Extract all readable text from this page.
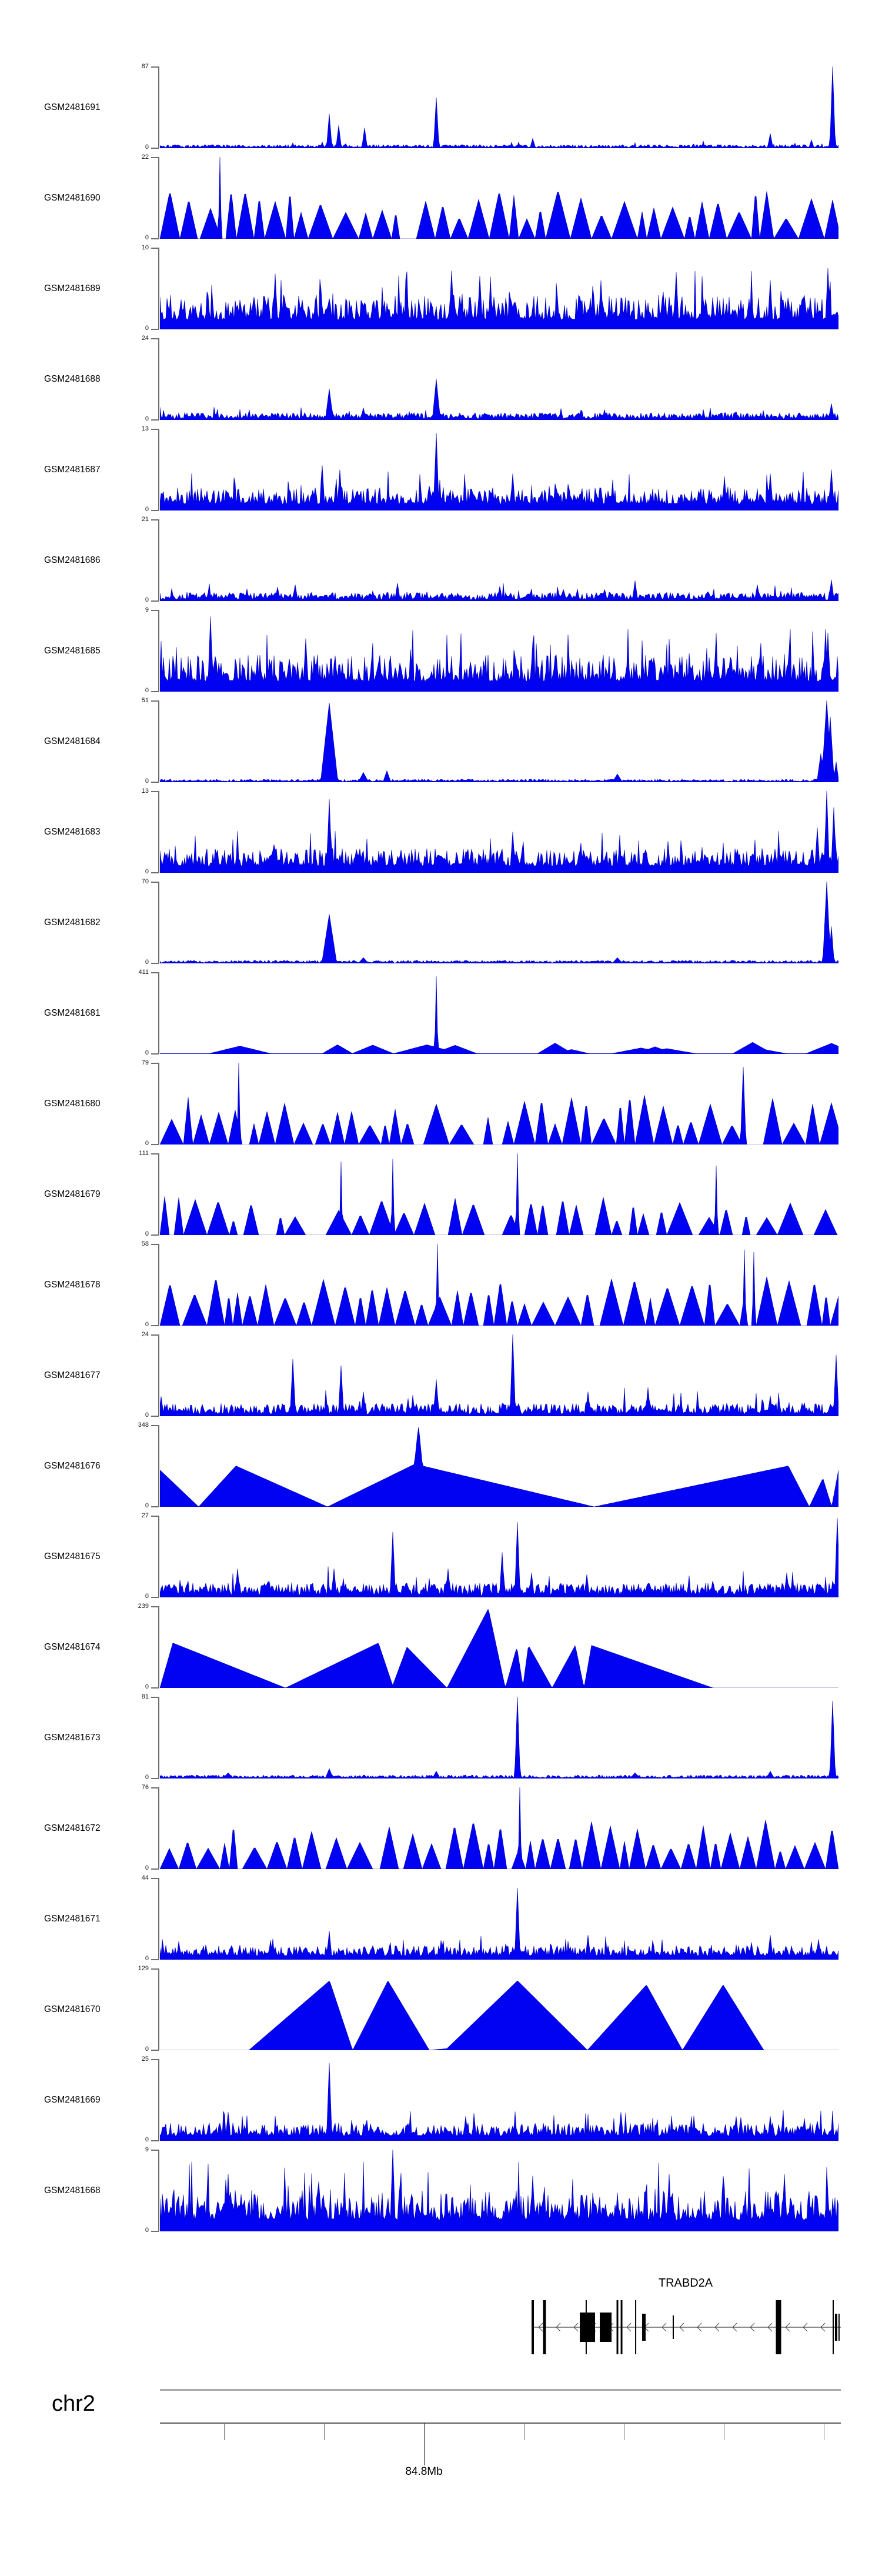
GSM2481691
87
0
GSM2481690
22
0
GSM2481689
10
0
GSM2481688
24
0
GSM2481687
13
0
GSM2481686
21
0
GSM2481685
9
0
GSM2481684
51
0
GSM2481683
13
0
GSM2481682
70
0
GSM2481681
411
0
GSM2481680
79
0
GSM2481679
111
0
GSM2481678
58
0
GSM2481677
24
0
GSM2481676
348
0
GSM2481675
27
0
GSM2481674
239
0
GSM2481673
81
0
GSM2481672
76
0
GSM2481671
44
0
GSM2481670
129
0
GSM2481669
25
0
GSM2481668
9
0
TRABD2A
chr2
84.8Mb
